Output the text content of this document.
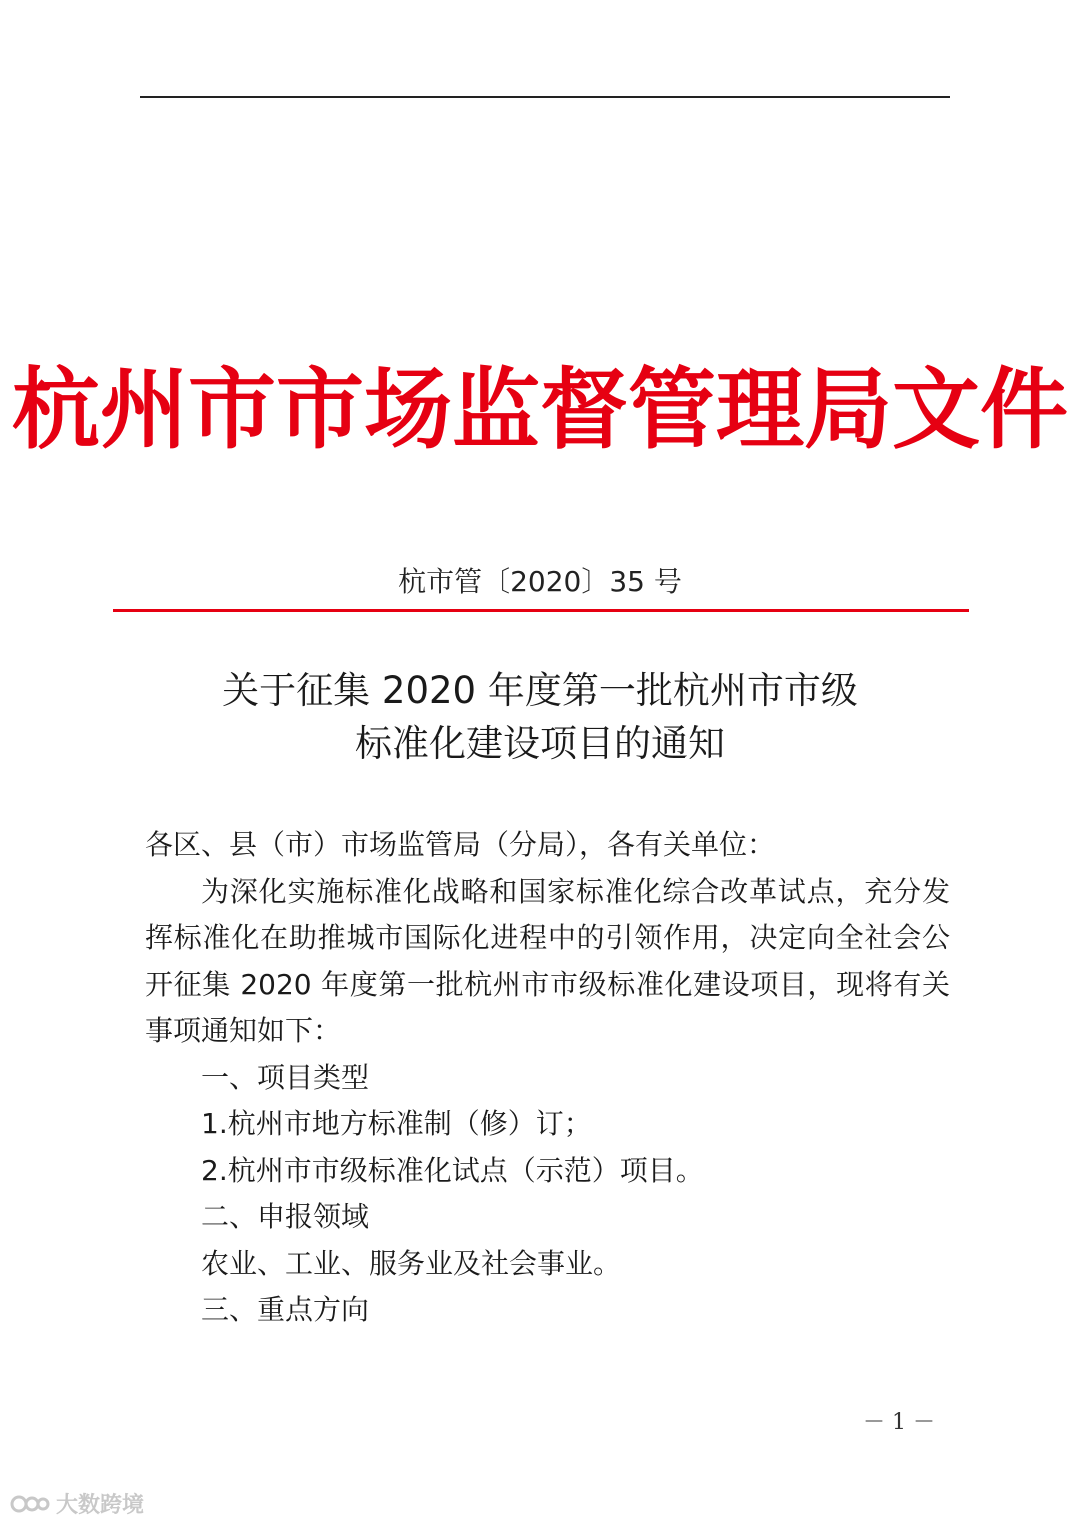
杭州市市场监督管理局文件
杭市管〔2020〕35 号
关于征集 2020 年度第一批杭州市市级
标准化建设项目的通知

各区、县（市）市场监管局（分局），各有关单位：

为深化实施标准化战略和国家标准化综合改革试点，充分发挥标准化在助推城市国际化进程中的引领作用，决定向全社会公开征集 2020 年度第一批杭州市市级标准化建设项目，现将有关事项通知如下：

一、项目类型

1.杭州市地方标准制（修）订；

2.杭州市市级标准化试点（示范）项目。

二、申报领域

农业、工业、服务业及社会事业。

三、重点方向

－ 1 －
大数跨境
